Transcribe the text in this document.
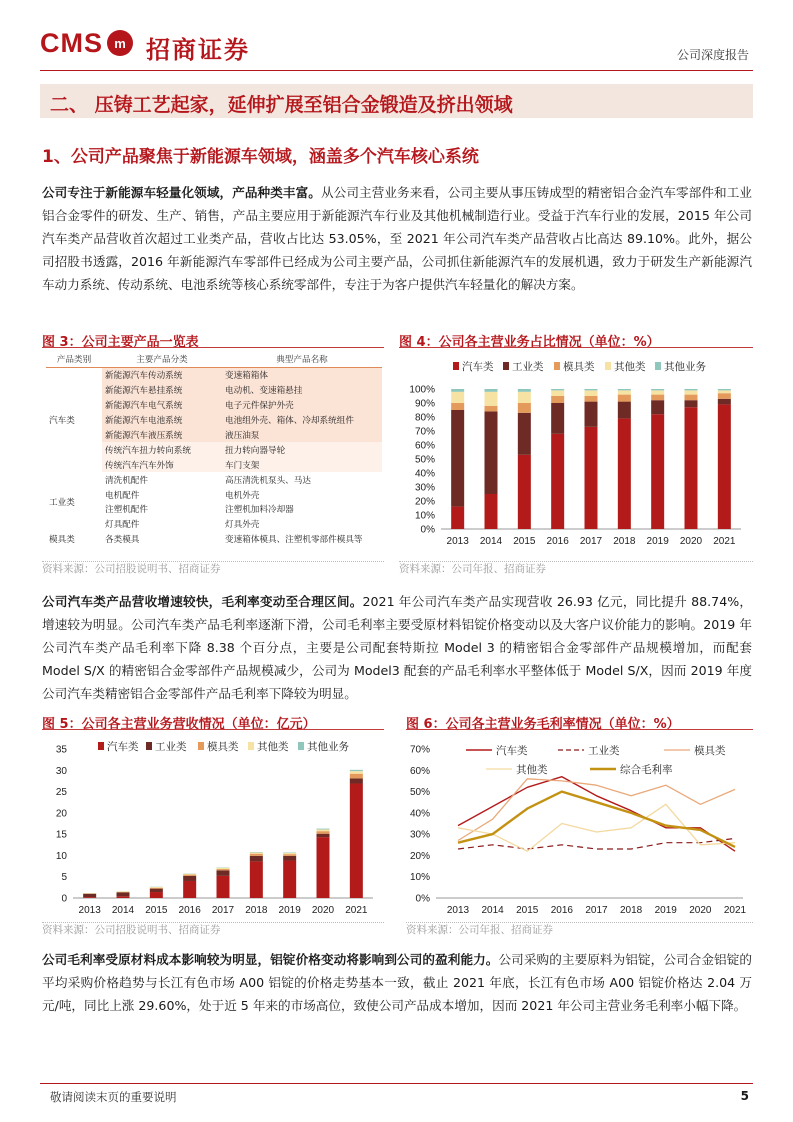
CMS m 招商证券	公司深度报告
二、 压铸工艺起家，延伸扩展至铝合金锻造及挤出领域
1、公司产品聚焦于新能源车领域，涵盖多个汽车核心系统
公司专注于新能源车轻量化领域，产品种类丰富。从公司主营业务来看，公司主要从事压铸成型的精密铝合金汽车零部件和工业铝合金零件的研发、生产、销售，产品主要应用于新能源汽车行业及其他机械制造行业。受益于汽车行业的发展，2015 年公司汽车类产品营收首次超过工业类产品，营收占比达 53.05%，至 2021 年公司汽车类产品营收占比高达 89.10%。此外，据公司招股书透露，2016 年新能源汽车零部件已经成为公司主要产品，公司抓住新能源汽车的发展机遇，致力于研发生产新能源汽车动力系统、传动系统、电池系统等核心系统零部件，专注于为客户提供汽车轻量化的解决方案。
图 3：公司主要产品一览表
产品类别	主要产品分类	典型产品名称
汽车类	新能源汽车传动系统	变速箱箱体
	新能源汽车悬挂系统	电动机、变速箱悬挂
	新能源汽车电气系统	电子元件保护外壳
	新能源汽车电池系统	电池组外壳、箱体、冷却系统组件
	新能源汽车液压系统	液压油泵
	传统汽车扭力转向系统	扭力转向器导轮
	传统汽车汽车外饰	车门支架
工业类	清洗机配件	高压清洗机泵头、马达
	电机配件	电机外壳
	注塑机配件	注塑机加料冷却器
	灯具配件	灯具外壳
模具类	各类模具	变速箱体模具、注塑机零部件模具等
资料来源：公司招股说明书、招商证券
图 4：公司各主营业务占比情况（单位：%）
汽车类 工业类 模具类 其他类 其他业务
0%
10%
20%
30%
40%
50%
60%
70%
80%
90%
100%
2013 2014 2015 2016 2017 2018 2019 2020 2021
资料来源：公司年报、招商证券
公司汽车类产品营收增速较快，毛利率变动至合理区间。2021 年公司汽车类产品实现营收 26.93 亿元，同比提升 88.74%，增速较为明显。公司汽车类产品毛利率逐渐下滑，公司毛利率主要受原材料铝锭价格变动以及大客户议价能力的影响。2019 年公司汽车类产品毛利率下降 8.38 个百分点，主要是公司配套特斯拉 Model 3 的精密铝合金零部件产品规模增加，而配套 Model S/X 的精密铝合金零部件产品规模减少，公司为 Model3 配套的产品毛利率水平整体低于 Model S/X，因而 2019 年度公司汽车类精密铝合金零部件产品毛利率下降较为明显。
图 5：公司各主营业务营收情况（单位：亿元）
汽车类 工业类 模具类 其他类 其他业务
0
5
10
15
20
25
30
35
2013 2014 2015 2016 2017 2018 2019 2020 2021
资料来源：公司招股说明书、招商证券
图 6：公司各主营业务毛利率情况（单位：%）
汽车类	工业类	模具类
其他类	综合毛利率
0%
10%
20%
30%
40%
50%
60%
70%
2013 2014 2015 2016 2017 2018 2019 2020 2021
资料来源：公司年报、招商证券
公司毛利率受原材料成本影响较为明显，铝锭价格变动将影响到公司的盈利能力。公司采购的主要原料为铝锭，公司合金铝锭的平均采购价格趋势与长江有色市场 A00 铝锭的价格走势基本一致，截止 2021 年底，长江有色市场 A00 铝锭价格达 2.04 万元/吨，同比上涨 29.60%，处于近 5 年来的市场高位，致使公司产品成本增加，因而 2021 年公司主营业务毛利率小幅下降。
敬请阅读末页的重要说明	5
